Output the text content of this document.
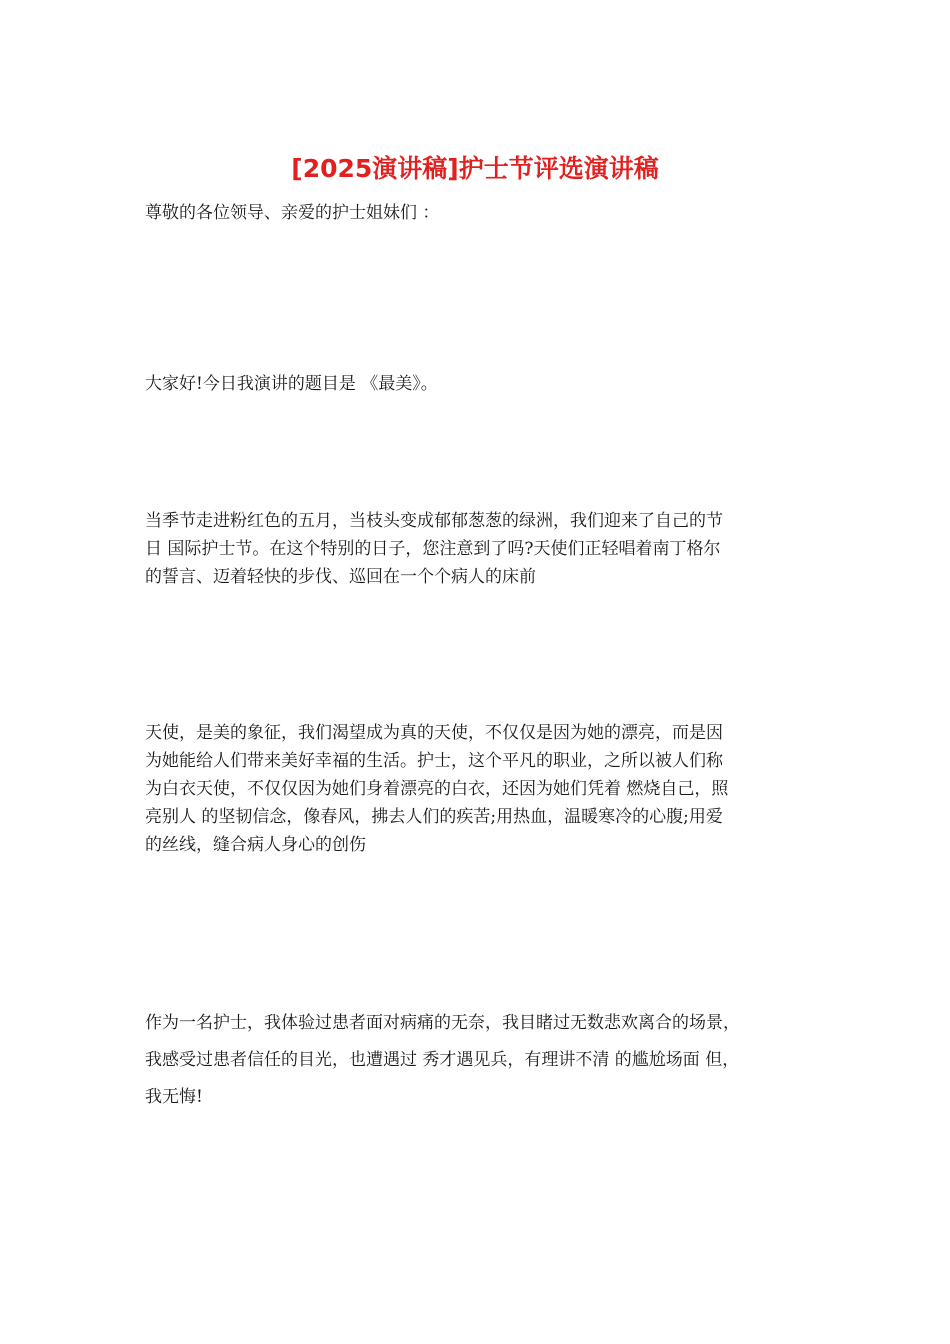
[2025演讲稿]护士节评选演讲稿

尊敬的各位领导、亲爱的护士姐妹们 ：

大家好!今日我演讲的题目是 《最美》。
当季节走进粉红色的五月，当枝头变成郁郁葱葱的绿洲，我们迎来了自己的节
日 国际护士节。在这个特别的日子，您注意到了吗?天使们正轻唱着南丁格尔
的誓言、迈着轻快的步伐、巡回在一个个病人的床前
天使，是美的象征，我们渴望成为真的天使，不仅仅是因为她的漂亮，而是因
为她能给人们带来美好幸福的生活。护士，这个平凡的职业，之所以被人们称
为白衣天使，不仅仅因为她们身着漂亮的白衣，还因为她们凭着 燃烧自己，照
亮别人 的坚韧信念，像春风，拂去人们的疾苦;用热血，温暖寒冷的心腹;用爱
的丝线，缝合病人身心的创伤
作为一名护士，我体验过患者面对病痛的无奈，我目睹过无数悲欢离合的场景，
我感受过患者信任的目光，也遭遇过 秀才遇见兵，有理讲不清 的尴尬场面 但，
我无悔!
